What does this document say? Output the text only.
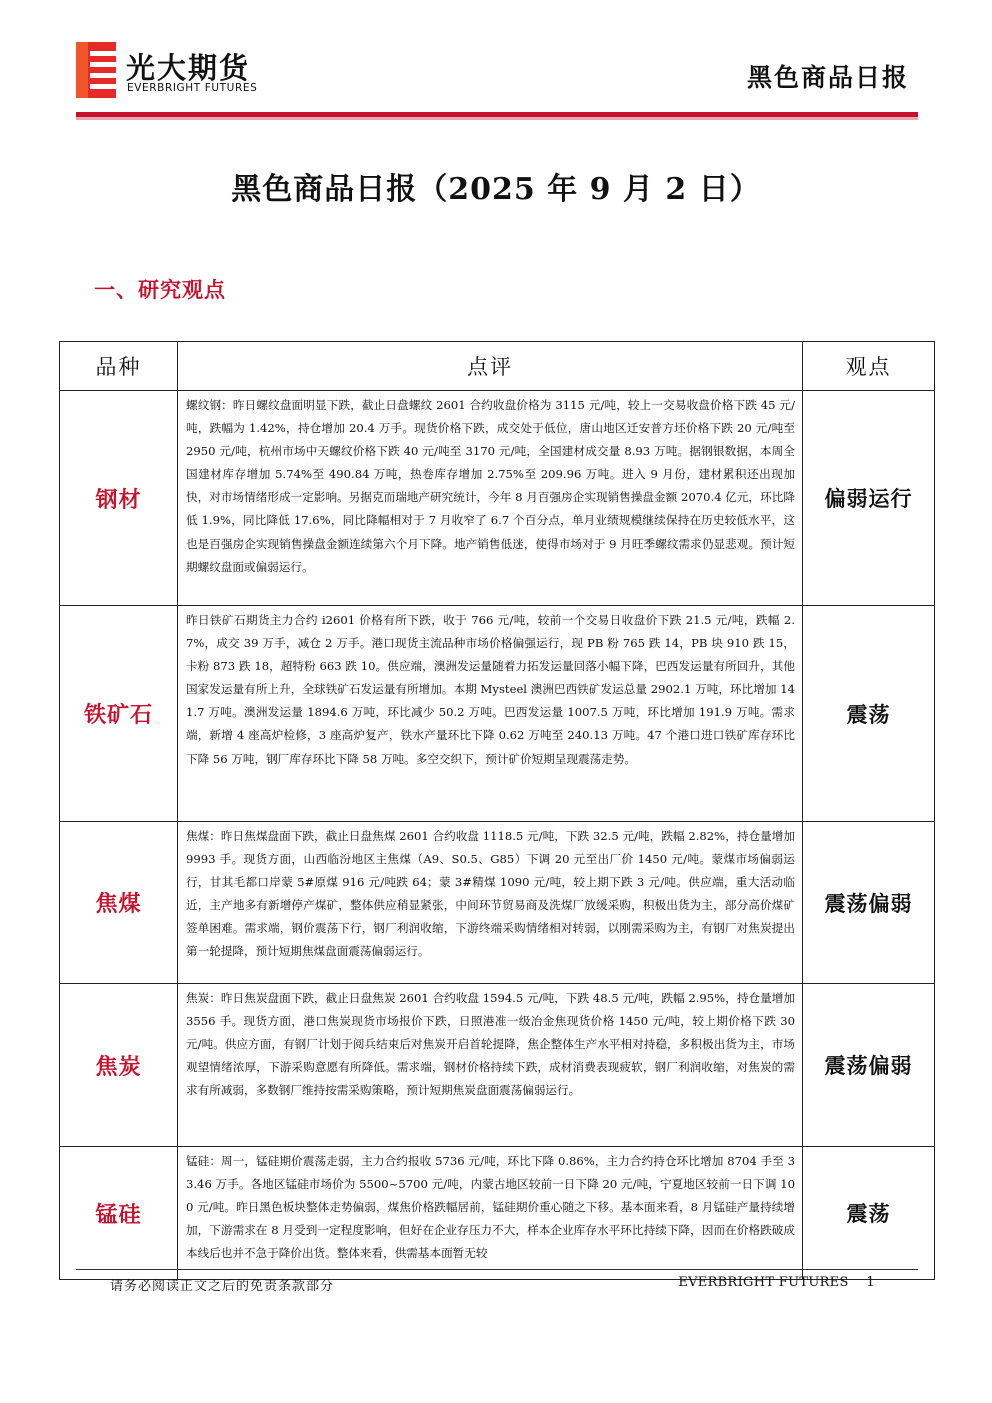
光大期货
EVERBRIGHT FUTURES	黑色商品日报
黑色商品日报（2025 年 9 月 2 日）
一、研究观点
品种	点评	观点
钢材	螺纹钢：昨日螺纹盘面明显下跌，截止日盘螺纹 2601 合约收盘价格为 3115 元/吨，较上一交易收盘价格下跌 45 元/吨，跌幅为 1.42%，持仓增加 20.4 万手。现货价格下跌，成交处于低位，唐山地区迁安普方坯价格下跌 20 元/吨至 2950 元/吨，杭州市场中天螺纹价格下跌 40 元/吨至 3170 元/吨，全国建材成交量 8.93 万吨。据钢银数据，本周全国建材库存增加 5.74%至 490.84 万吨，热卷库存增加 2.75%至 209.96 万吨。进入 9 月份，建材累积还出现加快，对市场情绪形成一定影响。另据克而瑞地产研究统计，今年 8 月百强房企实现销售操盘金额 2070.4 亿元，环比降低 1.9%，同比降低 17.6%，同比降幅相对于 7 月收窄了 6.7 个百分点，单月业绩规模继续保持在历史较低水平，这也是百强房企实现销售操盘金额连续第六个月下降。地产销售低迷，使得市场对于 9 月旺季螺纹需求仍显悲观。预计短期螺纹盘面或偏弱运行。	偏弱运行
铁矿石	昨日铁矿石期货主力合约 i2601 价格有所下跌，收于 766 元/吨，较前一个交易日收盘价下跌 21.5 元/吨，跌幅 2.7%，成交 39 万手，减仓 2 万手。港口现货主流品种市场价格偏强运行，现 PB 粉 765 跌 14，PB 块 910 跌 15，卡粉 873 跌 18，超特粉 663 跌 10。供应端，澳洲发运量随着力拓发运量回落小幅下降，巴西发运量有所回升，其他国家发运量有所上升，全球铁矿石发运量有所增加。本期 Mysteel 澳洲巴西铁矿发运总量 2902.1 万吨，环比增加 141.7 万吨。澳洲发运量 1894.6 万吨，环比减少 50.2 万吨。巴西发运量 1007.5 万吨，环比增加 191.9 万吨。需求端，新增 4 座高炉检修，3 座高炉复产，铁水产量环比下降 0.62 万吨至 240.13 万吨。47 个港口进口铁矿库存环比下降 56 万吨，钢厂库存环比下降 58 万吨。多空交织下，预计矿价短期呈现震荡走势。	震荡
焦煤	焦煤：昨日焦煤盘面下跌，截止日盘焦煤 2601 合约收盘 1118.5 元/吨，下跌 32.5 元/吨，跌幅 2.82%，持仓量增加 9993 手。现货方面，山西临汾地区主焦煤（A9、S0.5、G85）下调 20 元至出厂价 1450 元/吨。蒙煤市场偏弱运行，甘其毛都口岸蒙 5#原煤 916 元/吨跌 64；蒙 3#精煤 1090 元/吨，较上期下跌 3 元/吨。供应端，重大活动临近，主产地多有新增停产煤矿，整体供应稍显紧张，中间环节贸易商及洗煤厂放缓采购，积极出货为主，部分高价煤矿签单困难。需求端，钢价震荡下行，钢厂利润收缩，下游终端采购情绪相对转弱，以刚需采购为主，有钢厂对焦炭提出第一轮提降，预计短期焦煤盘面震荡偏弱运行。	震荡偏弱
焦炭	焦炭：昨日焦炭盘面下跌，截止日盘焦炭 2601 合约收盘 1594.5 元/吨，下跌 48.5 元/吨，跌幅 2.95%，持仓量增加 3556 手。现货方面，港口焦炭现货市场报价下跌，日照港准一级冶金焦现货价格 1450 元/吨，较上期价格下跌 30 元/吨。供应方面，有钢厂计划于阅兵结束后对焦炭开启首轮提降，焦企整体生产水平相对持稳，多积极出货为主，市场观望情绪浓厚，下游采购意愿有所降低。需求端，钢材价格持续下跌，成材消费表现疲软，钢厂利润收缩，对焦炭的需求有所减弱，多数钢厂维持按需采购策略，预计短期焦炭盘面震荡偏弱运行。	震荡偏弱
锰硅	锰硅：周一，锰硅期价震荡走弱，主力合约报收 5736 元/吨，环比下降 0.86%，主力合约持仓环比增加 8704 手至 33.46 万手。各地区锰硅市场价为 5500~5700 元/吨，内蒙古地区较前一日下降 20 元/吨，宁夏地区较前一日下调 100 元/吨。昨日黑色板块整体走势偏弱，煤焦价格跌幅居前，锰硅期价重心随之下移。基本面来看，8 月锰硅产量持续增加，下游需求在 8 月受到一定程度影响，但好在企业存压力不大，样本企业库存水平环比持续下降，因而在价格跌破成本线后也并不急于降价出货。整体来看，供需基本面暂无较	震荡
请务必阅读正文之后的免责条款部分	EVERBRIGHT FUTURES 1
